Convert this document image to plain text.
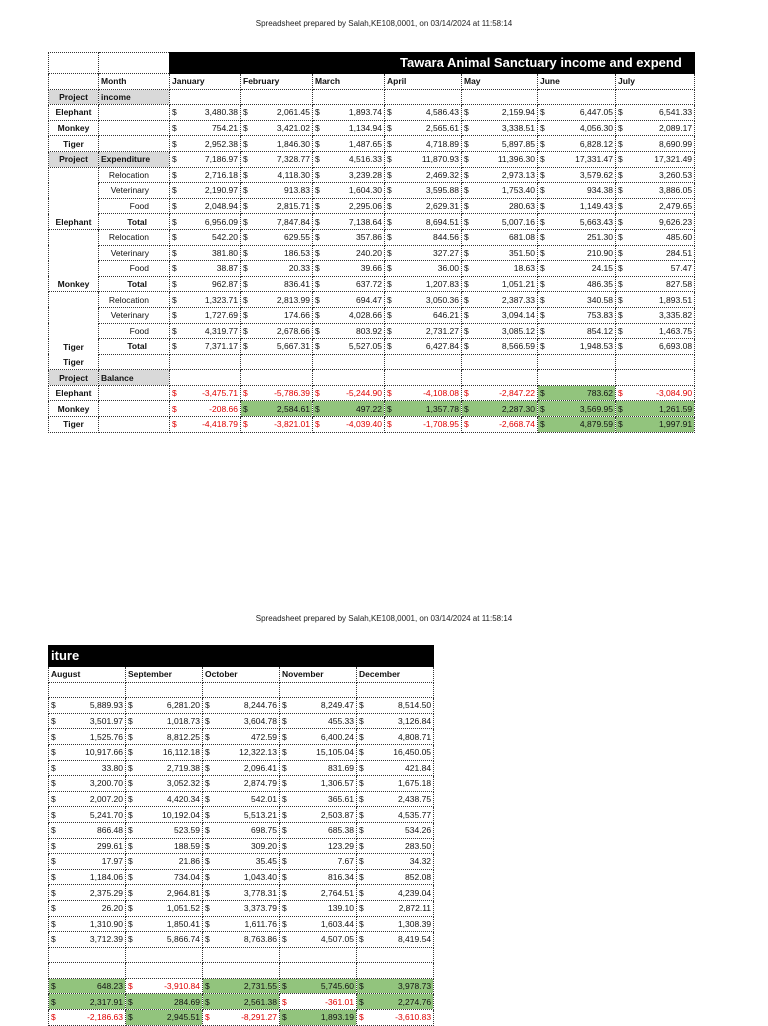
Spreadsheet prepared by Salah,KE108,0001, on 03/14/2024 at 11:58:14
		Tawara Animal Sanctuary income and expend						
	Month	January	February	March	April	May	June	July
Project	income							
Elephant		$ 3,480.38	$ 2,061.45	$ 1,893.74	$ 4,586.43	$ 2,159.94	$ 6,447.05	$ 6,541.33

Monkey		$ 754.21	$ 3,421.02	$ 1,134.94	$ 2,565.61	$ 3,338.51	$ 4,056.30	$ 2,089.17

Tiger		$ 2,952.38	$ 1,846.30	$ 1,487.65	$ 4,718.89	$ 5,897.85	$ 6,828.12	$ 8,690.99

Project	Expenditure	$ 7,186.97	$ 7,328.77	$ 4,516.33	$ 11,870.93	$ 11,396.30	$ 17,331.47	$ 17,321.49

	Relocation	$ 2,716.18	$ 4,118.30	$ 3,239.28	$ 2,469.32	$ 2,973.13	$ 3,579.62	$ 3,260.53

	Veterinary	$ 2,190.97	$ 913.83	$ 1,604.30	$ 3,595.88	$ 1,753.40	$ 934.38	$ 3,886.05

	Food	$ 2,048.94	$ 2,815.71	$ 2,295.06	$ 2,629.31	$ 280.63	$ 1,149.43	$ 2,479.65

Elephant	Total	$ 6,956.09	$ 7,847.84	$ 7,138.64	$ 8,694.51	$ 5,007.16	$ 5,663.43	$ 9,626.23

	Relocation	$ 542.20	$ 629.55	$ 357.86	$ 844.56	$ 681.08	$ 251.30	$ 485.60

	Veterinary	$ 381.80	$ 186.53	$ 240.20	$ 327.27	$ 351.50	$ 210.90	$ 284.51

	Food	$ 38.87	$ 20.33	$ 39.66	$ 36.00	$ 18.63	$ 24.15	$ 57.47

Monkey	Total	$ 962.87	$ 836.41	$ 637.72	$ 1,207.83	$ 1,051.21	$ 486.35	$ 827.58

	Relocation	$ 1,323.71	$ 2,813.99	$ 694.47	$ 3,050.36	$ 2,387.33	$ 340.58	$ 1,893.51

	Veterinary	$ 1,727.69	$ 174.66	$ 4,028.66	$ 646.21	$ 3,094.14	$ 753.83	$ 3,335.82

	Food	$ 4,319.77	$ 2,678.66	$ 803.92	$ 2,731.27	$ 3,085.12	$ 854.12	$ 1,463.75

Tiger	Total	$ 7,371.17	$ 5,667.31	$ 5,527.05	$ 6,427.84	$ 8,566.59	$ 1,948.53	$ 6,693.08

Tiger								
Project	Balance							
Elephant		$ -3,475.71	$ -5,786.39	$ -5,244.90	$ -4,108.08	$ -2,847.22	$ 783.62	$ -3,084.90

Monkey		$ -208.66	$ 2,584.61	$ 497.22	$ 1,357.78	$ 2,287.30	$ 3,569.95	$ 1,261.59

Tiger		$ -4,418.79	$ -3,821.01	$ -4,039.40	$ -1,708.95	$ -2,668.74	$ 4,879.59	$ 1,997.91
Spreadsheet prepared by Salah,KE108,0001, on 03/14/2024 at 11:58:14
iture				
August	September	October	November	December

$ 5,889.93	$ 6,281.20	$ 8,244.76	$ 8,249.47	$ 8,514.50

$ 3,501.97	$ 1,018.73	$ 3,604.78	$ 455.33	$ 3,126.84

$ 1,525.76	$ 8,812.25	$ 472.59	$ 6,400.24	$ 4,808.71

$ 10,917.66	$ 16,112.18	$ 12,322.13	$ 15,105.04	$ 16,450.05

$ 33.80	$ 2,719.38	$ 2,096.41	$ 831.69	$ 421.84

$ 3,200.70	$ 3,052.32	$ 2,874.79	$ 1,306.57	$ 1,675.18

$ 2,007.20	$ 4,420.34	$ 542.01	$ 365.61	$ 2,438.75

$ 5,241.70	$ 10,192.04	$ 5,513.21	$ 2,503.87	$ 4,535.77

$ 866.48	$ 523.59	$ 698.75	$ 685.38	$ 534.26

$ 299.61	$ 188.59	$ 309.20	$ 123.29	$ 283.50

$ 17.97	$ 21.86	$ 35.45	$ 7.67	$ 34.32

$ 1,184.06	$ 734.04	$ 1,043.40	$ 816.34	$ 852.08

$ 2,375.29	$ 2,964.81	$ 3,778.31	$ 2,764.51	$ 4,239.04

$ 26.20	$ 1,051.52	$ 3,373.79	$ 139.10	$ 2,872.11

$ 1,310.90	$ 1,850.41	$ 1,611.76	$ 1,603.44	$ 1,308.39

$ 3,712.39	$ 5,866.74	$ 8,763.86	$ 4,507.05	$ 8,419.54

$ 648.23	$ -3,910.84	$ 2,731.55	$ 5,745.60	$ 3,978.73

$ 2,317.91	$ 284.69	$ 2,561.38	$ -361.01	$ 2,274.76

$ -2,186.63	$ 2,945.51	$ -8,291.27	$ 1,893.19	$ -3,610.83
